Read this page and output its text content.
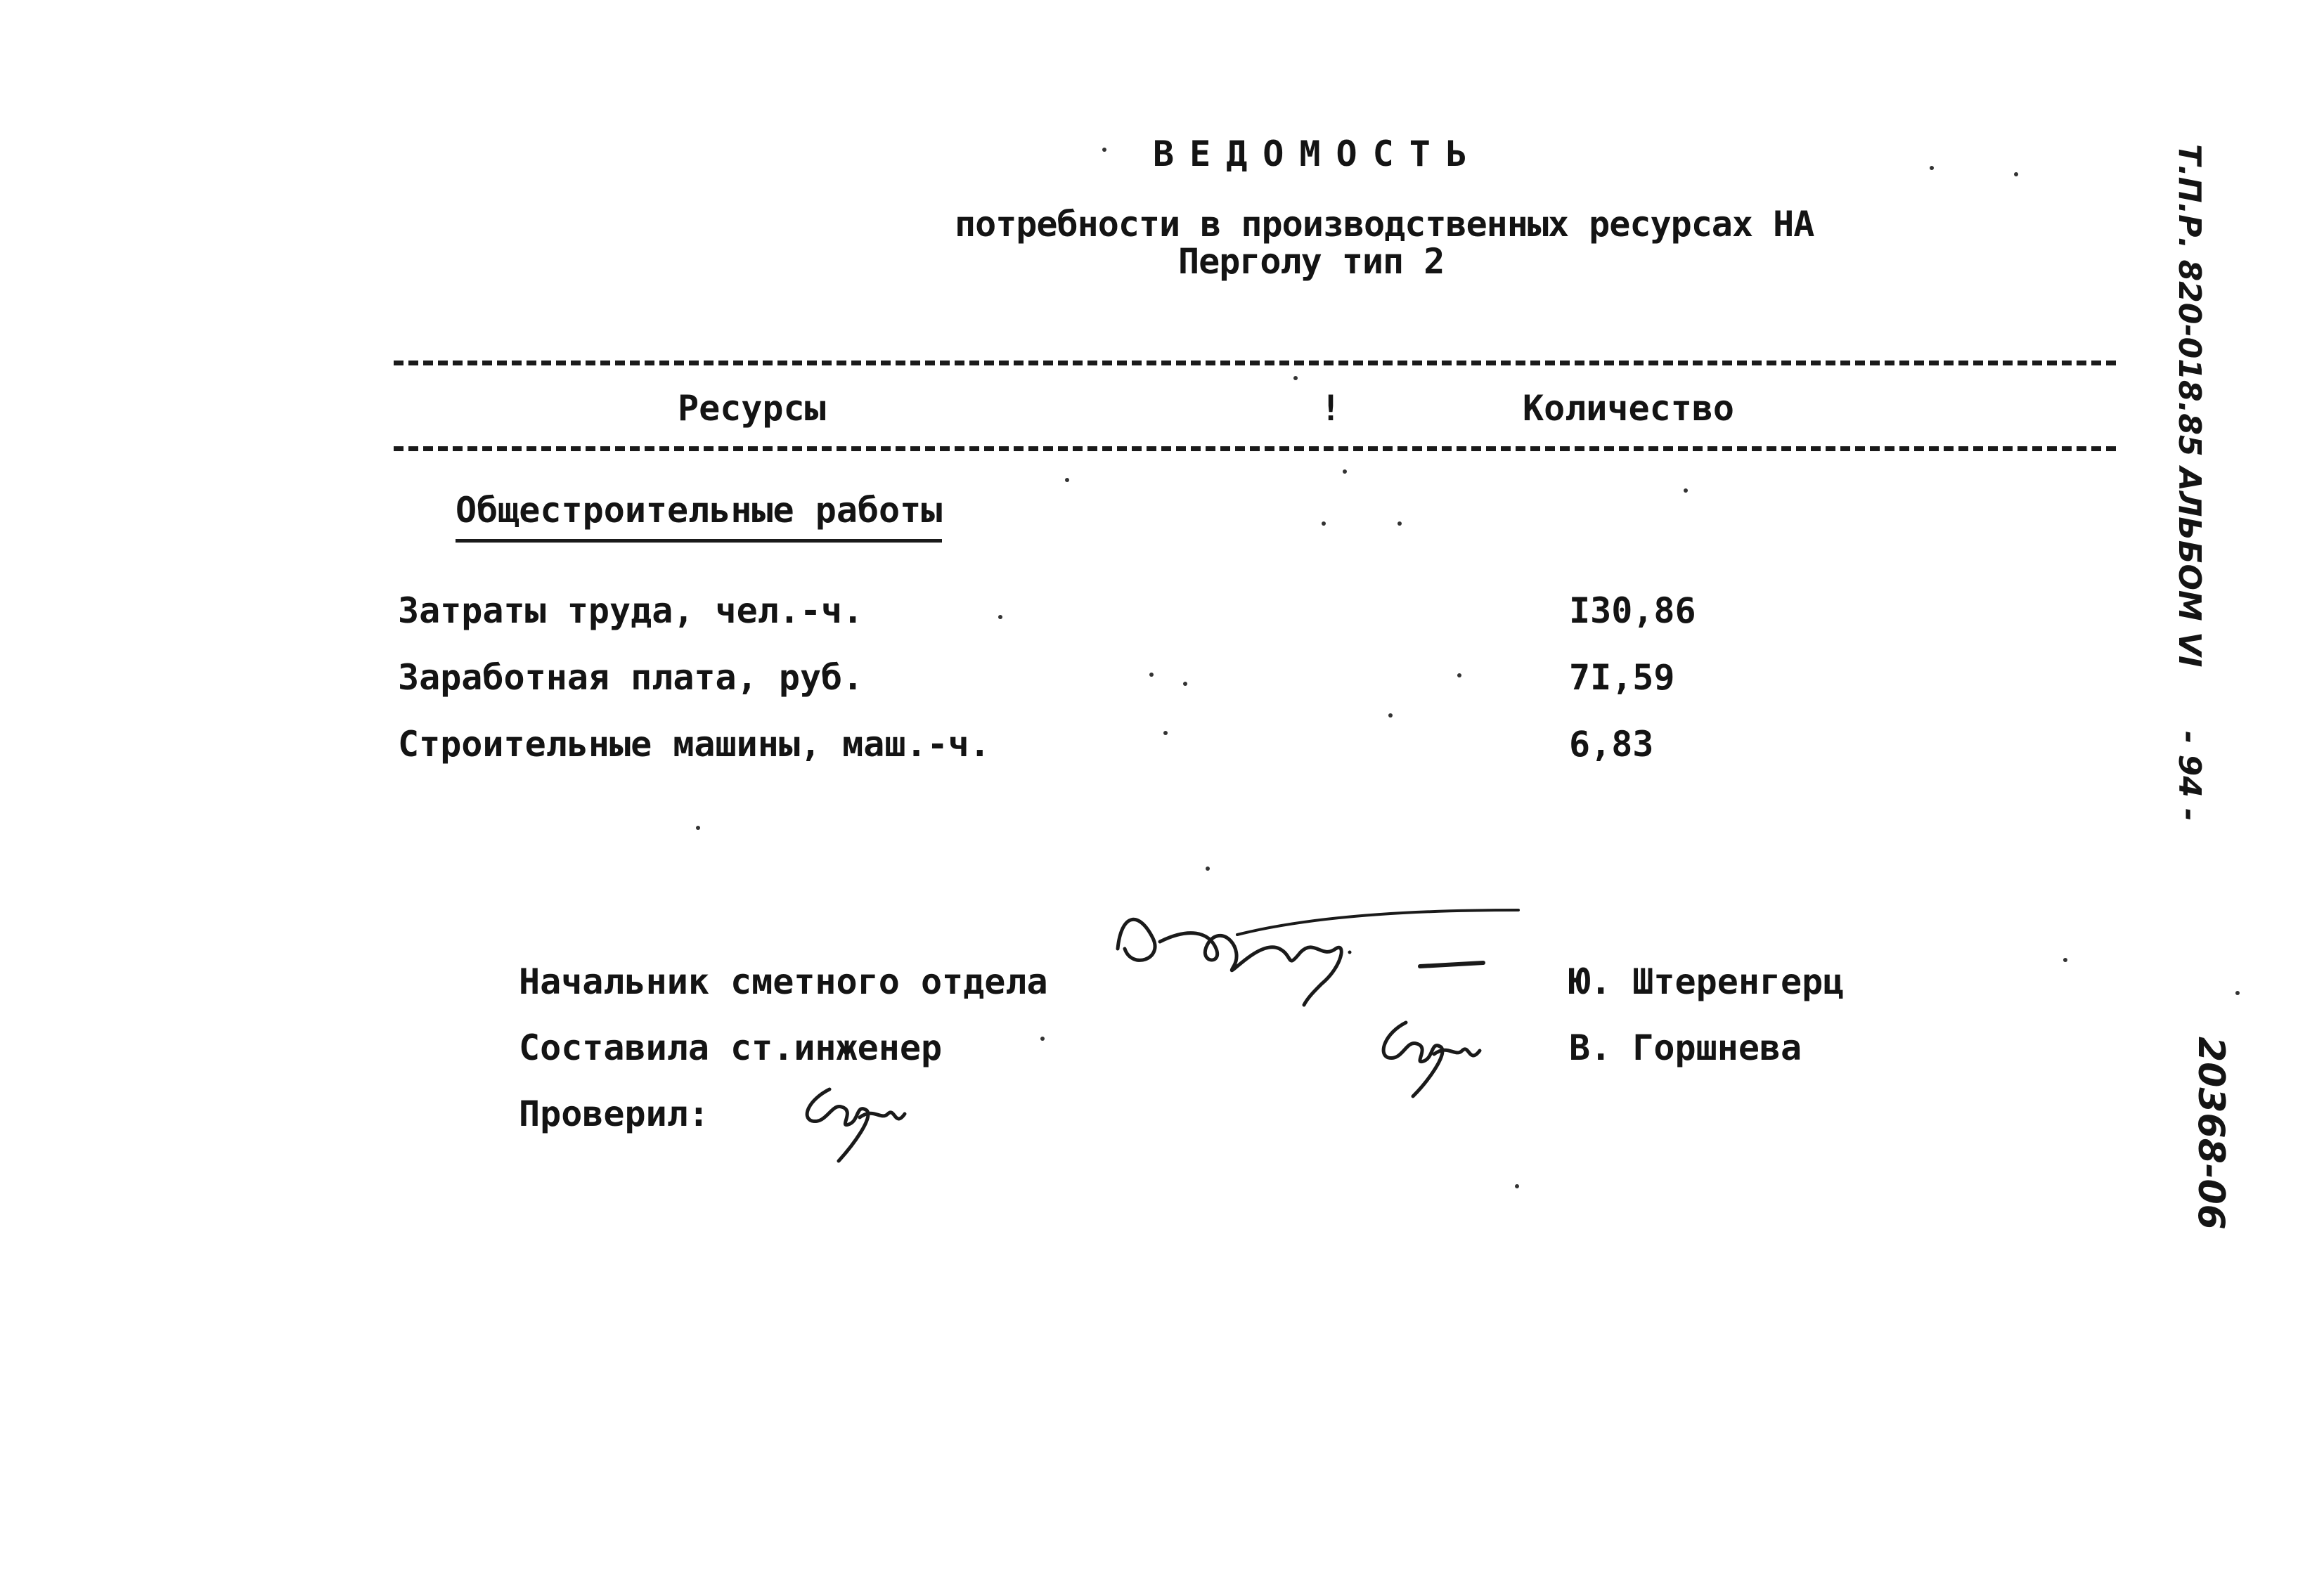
ВЕДОМОСТЬ
потребности в производственных ресурсах НА
Перголу тип 2
Ресурсы	!	Количество
Общестроительные работы
Затраты труда, чел.-ч.	I30,86
Заработная плата, руб.	7I,59
Строительные машины, маш.-ч.	6,83
Начальник сметного отдела	Ю. Штеренгерц
Составила ст.инженер	В. Горшнева
Проверил:
Т.П.Р. 820-018.85 АЛЬБОМ VI
- 94 -
20368-06
